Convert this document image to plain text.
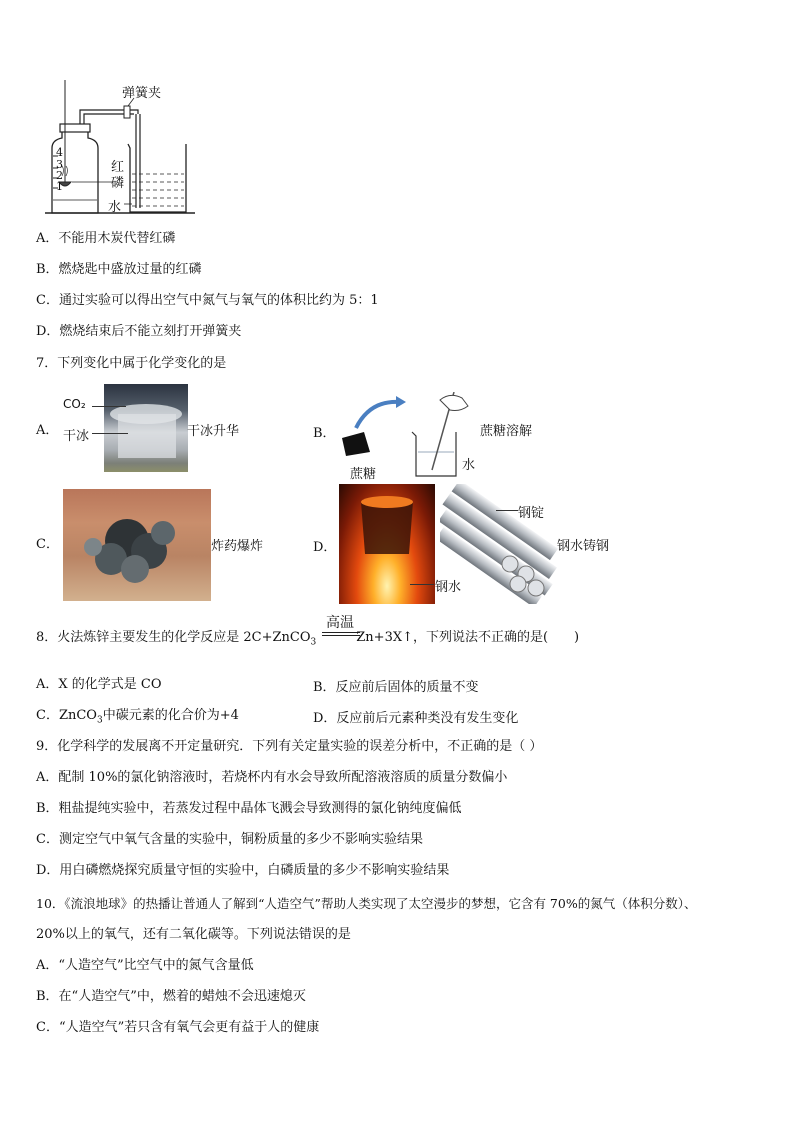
弹簧夹
4
3
2
1
红磷
水
A．不能用木炭代替红磷
B．燃烧匙中盛放过量的红磷
C．通过实验可以得出空气中氮气与氧气的体积比约为 5：1
D．燃烧结束后不能立刻打开弹簧夹
7．下列变化中属于化学变化的是
A．
CO₂
干冰	干冰升华	B．	蔗糖溶解
蔗糖
水
C．	炸药爆炸	D．
钢水
钢锭
钢水铸钢
高温
8．火法炼锌主要发生的化学反应是 2C+ZnCO$_3$	Zn+3X↑，下列说法不正确的是(　　)
A．X 的化学式是 CO	B．反应前后固体的质量不变
C．ZnCO$_3$中碳元素的化合价为+4	D．反应前后元素种类没有发生变化
9．化学科学的发展离不开定量研究．下列有关定量实验的误差分析中，不正确的是（ ）
A．配制 10%的氯化钠溶液时，若烧杯内有水会导致所配溶液溶质的质量分数偏小
B．粗盐提纯实验中，若蒸发过程中晶体飞溅会导致测得的氯化钠纯度偏低
C．测定空气中氧气含量的实验中，铜粉质量的多少不影响实验结果
D．用白磷燃烧探究质量守恒的实验中，白磷质量的多少不影响实验结果
10．《流浪地球》的热播让普通人了解到“人造空气”帮助人类实现了太空漫步的梦想，它含有 70%的氮气（体积分数）、
20%以上的氧气，还有二氧化碳等。下列说法错误的是
A．“人造空气”比空气中的氮气含量低
B．在“人造空气”中，燃着的蜡烛不会迅速熄灭
C．“人造空气”若只含有氧气会更有益于人的健康
